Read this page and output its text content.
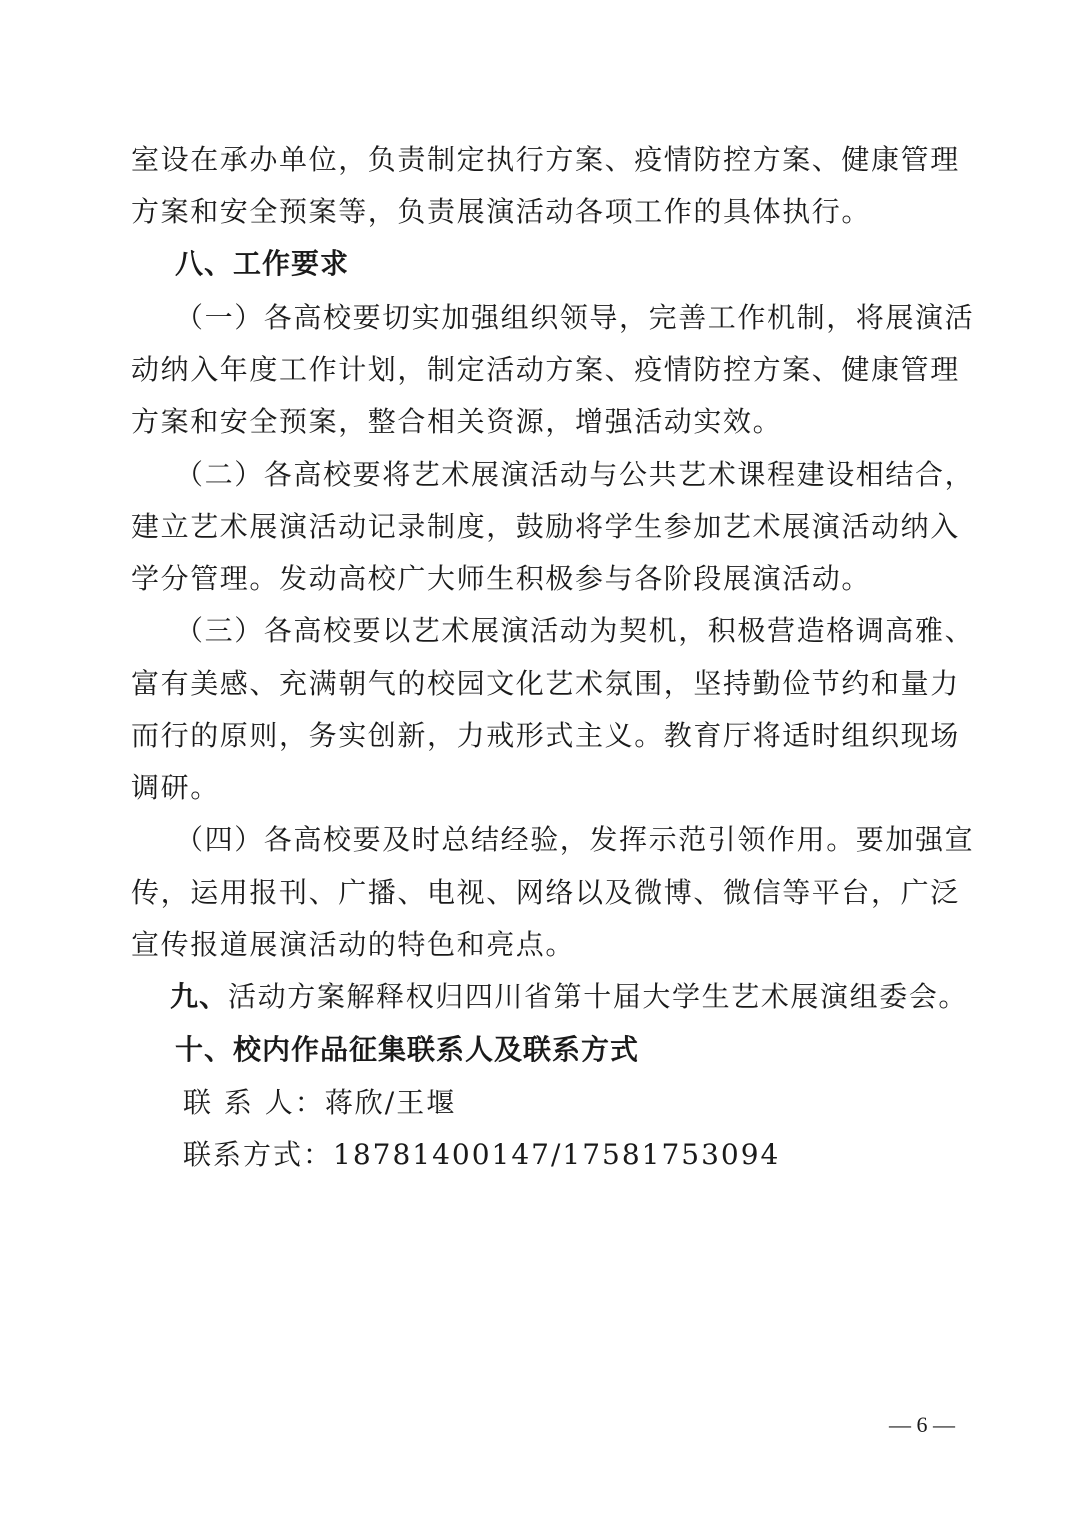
室设在承办单位，负责制定执行方案、疫情防控方案、健康管理
方案和安全预案等，负责展演活动各项工作的具体执行。
八、工作要求
（一）各高校要切实加强组织领导，完善工作机制，将展演活
动纳入年度工作计划，制定活动方案、疫情防控方案、健康管理
方案和安全预案，整合相关资源，增强活动实效。
（二）各高校要将艺术展演活动与公共艺术课程建设相结合，
建立艺术展演活动记录制度，鼓励将学生参加艺术展演活动纳入
学分管理。发动高校广大师生积极参与各阶段展演活动。
（三）各高校要以艺术展演活动为契机，积极营造格调高雅、
富有美感、充满朝气的校园文化艺术氛围，坚持勤俭节约和量力
而行的原则，务实创新，力戒形式主义。教育厅将适时组织现场
调研。
（四）各高校要及时总结经验，发挥示范引领作用。要加强宣
传，运用报刊、广播、电视、网络以及微博、微信等平台，广泛
宣传报道展演活动的特色和亮点。
九、活动方案解释权归四川省第十届大学生艺术展演组委会。
十、校内作品征集联系人及联系方式
联 系 人：蒋欣/王堰
联系方式：18781400147/17581753094
— 6 —
